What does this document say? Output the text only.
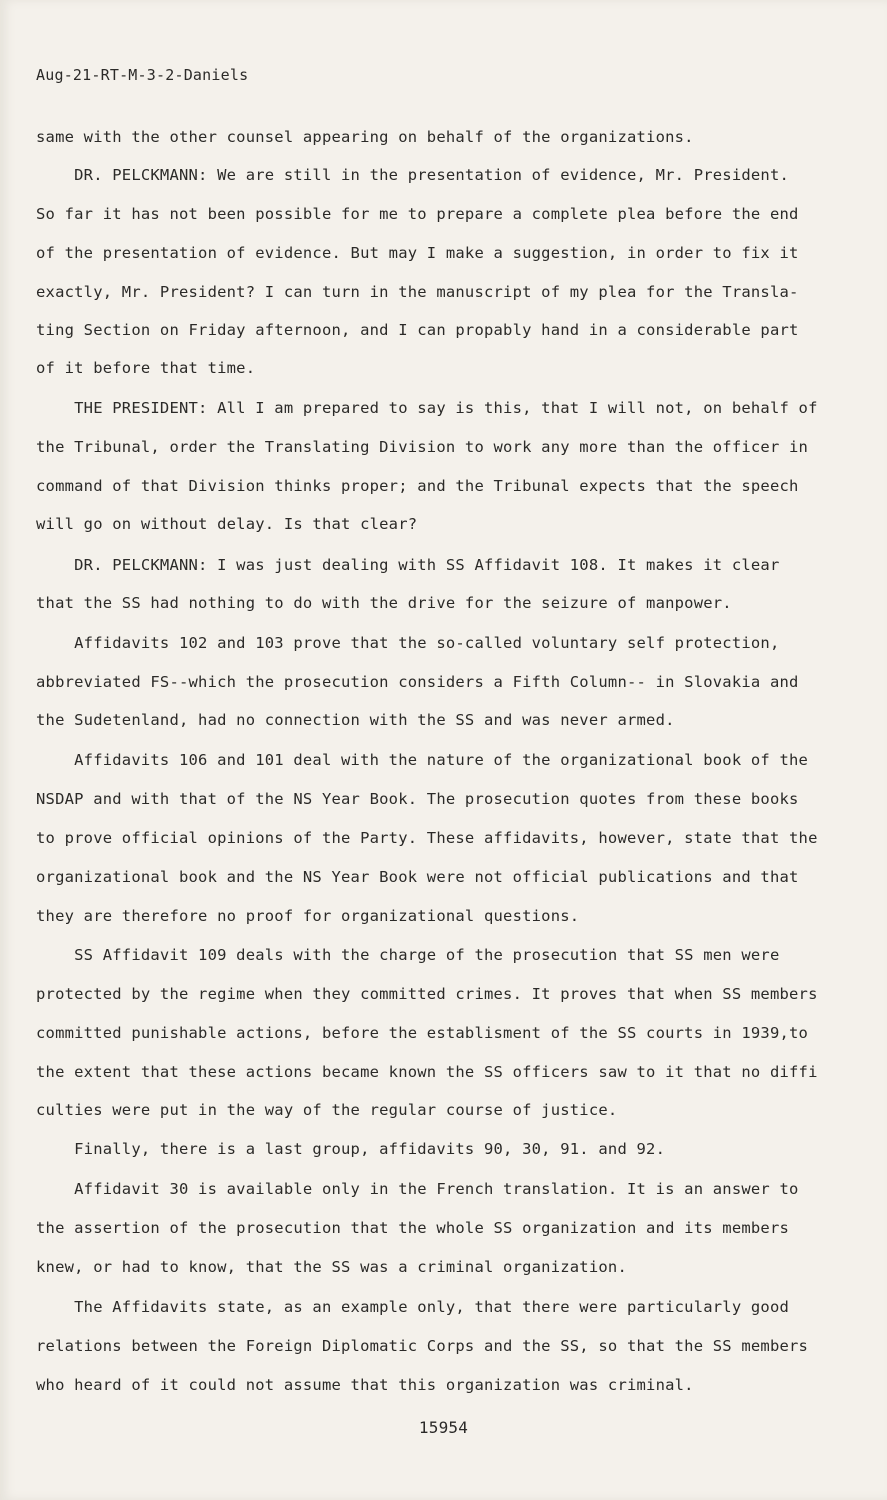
Aug-21-RT-M-3-2-Daniels
same with the other counsel appearing on behalf of the organizations.
DR. PELCKMANN: We are still in the presentation of evidence, Mr. President.
So far it has not been possible for me to prepare a complete plea before the end
of the presentation of evidence. But may I make a suggestion, in order to fix it
exactly, Mr. President? I can turn in the manuscript of my plea for the Transla-
ting Section on Friday afternoon, and I can propably hand in a considerable part
of it before that time.
THE PRESIDENT: All I am prepared to say is this, that I will not, on behalf of
the Tribunal, order the Translating Division to work any more than the officer in
command of that Division thinks proper; and the Tribunal expects that the speech
will go on without delay. Is that clear?
DR. PELCKMANN: I was just dealing with SS Affidavit 108. It makes it clear
that the SS had nothing to do with the drive for the seizure of manpower.
Affidavits 102 and 103 prove that the so-called voluntary self protection,
abbreviated FS--which the prosecution considers a Fifth Column-- in Slovakia and
the Sudetenland, had no connection with the SS and was never armed.
Affidavits 106 and 101 deal with the nature of the organizational book of the
NSDAP and with that of the NS Year Book. The prosecution quotes from these books
to prove official opinions of the Party. These affidavits, however, state that the
organizational book and the NS Year Book were not official publications and that
they are therefore no proof for organizational questions.
SS Affidavit 109 deals with the charge of the prosecution that SS men were
protected by the regime when they committed crimes. It proves that when SS members
committed punishable actions, before the establisment of the SS courts in 1939,to
the extent that these actions became known the SS officers saw to it that no diffi
culties were put in the way of the regular course of justice.
Finally, there is a last group, affidavits 90, 30, 91. and 92.
Affidavit 30 is available only in the French translation. It is an answer to
the assertion of the prosecution that the whole SS organization and its members
knew, or had to know, that the SS was a criminal organization.
The Affidavits state, as an example only, that there were particularly good
relations between the Foreign Diplomatic Corps and the SS, so that the SS members
who heard of it could not assume that this organization was criminal.
15954
